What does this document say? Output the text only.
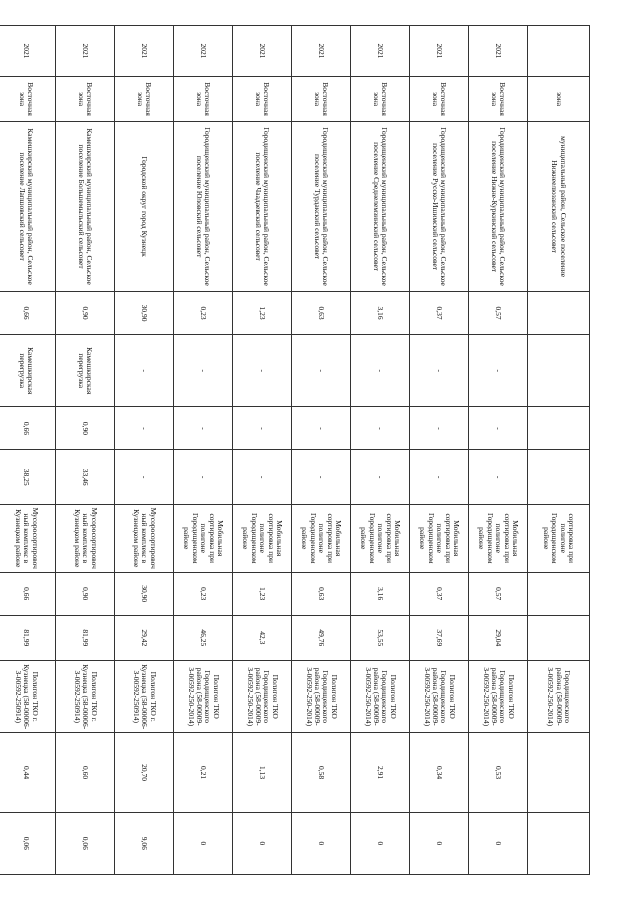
	зона	муниципальный район, Сельское поселение Нижнеелюзанский сельсовет					сортировка при полигоне Городищенском районе			Городищенского района (58-00009-З-00592-250-2014)		
2021	Восточная зона	Городищенский муниципальный район, Сельское поселение Нижне-Куркинский сельсовет	0,57	-	-	-	Мобильная сортировка при полигоне Городищенском районе	0,57	29,04	Полигон ТКО Городищенского района (58-00009-З-00592-250-2014)	0,53	0
2021	Восточная зона	Городищенский муниципальный район, Сельское поселение Русско-Ишимский сельсовет	0,37	-	-	-	Мобильная сортировка при полигоне Городищенском районе	0,37	37,69	Полигон ТКО Городищенского района (58-00009-З-00592-250-2014)	0,34	0
2021	Восточная зона	Городищенский муниципальный район, Сельское поселение Среднелемзинский сельсовет	3,16	-	-	-	Мобильная сортировка при полигоне Городищенском районе	3,16	53,55	Полигон ТКО Городищенского района (58-00009-З-00592-250-2014)	2,91	0
2021	Восточная зона	Городищенский муниципальный район, Сельское поселение Турдакский сельсовет	0,63	-	-	-	Мобильная сортировка при полигоне Городищенском районе	0,63	49,76	Полигон ТКО Городищенского района (58-00009-З-00592-250-2014)	0,58	0
2021	Восточная зона	Городищенский муниципальный район, Сельское поселение Чаадаевский сельсовет	1,23	-	-	-	Мобильная сортировка при полигоне Городищенском районе	1,23	42,3	Полигон ТКО Городищенского района (58-00009-З-00592-250-2014)	1,13	0
2021	Восточная зона	Городищенский муниципальный район, Сельское поселение Юловский сельсовет	0,23	-	-	-	Мобильная сортировка при полигоне Городищенском районе	0,23	46,25	Полигон ТКО Городищенского района (58-00009-З-00592-250-2014)	0,21	0
2021	Восточная зона	Городской округ город Кузнецк	30,90	-	-	-	Мусоросортировочный комплекс в Кузнецком районе	30,90	29,42	Полигон ТКО г. Кузнецка (58-00006-З-00592-250914)	20,70	9,06
2021	Восточная зона	Камешкирский муниципальный район, Сельское поселение Большемыльский сельсовет	0,90	Камешкирская перегрузка	0,90	33,46	Мусоросортировочный комплекс в Кузнецком районе	0,90	81,99	Полигон ТКО г. Кузнецка (58-00006-З-00592-250914)	0,60	0,06
2021	Восточная зона	Камешкирский муниципальный район, Сельское поселение Лапшовский сельсовет	0,66	Камешкирская перегрузка	0,66	38,25	Мусоросортировочный комплекс в Кузнецком районе	0,66	81,99	Полигон ТКО г. Кузнецка (58-00006-З-00592-250914)	0,44	0,06
